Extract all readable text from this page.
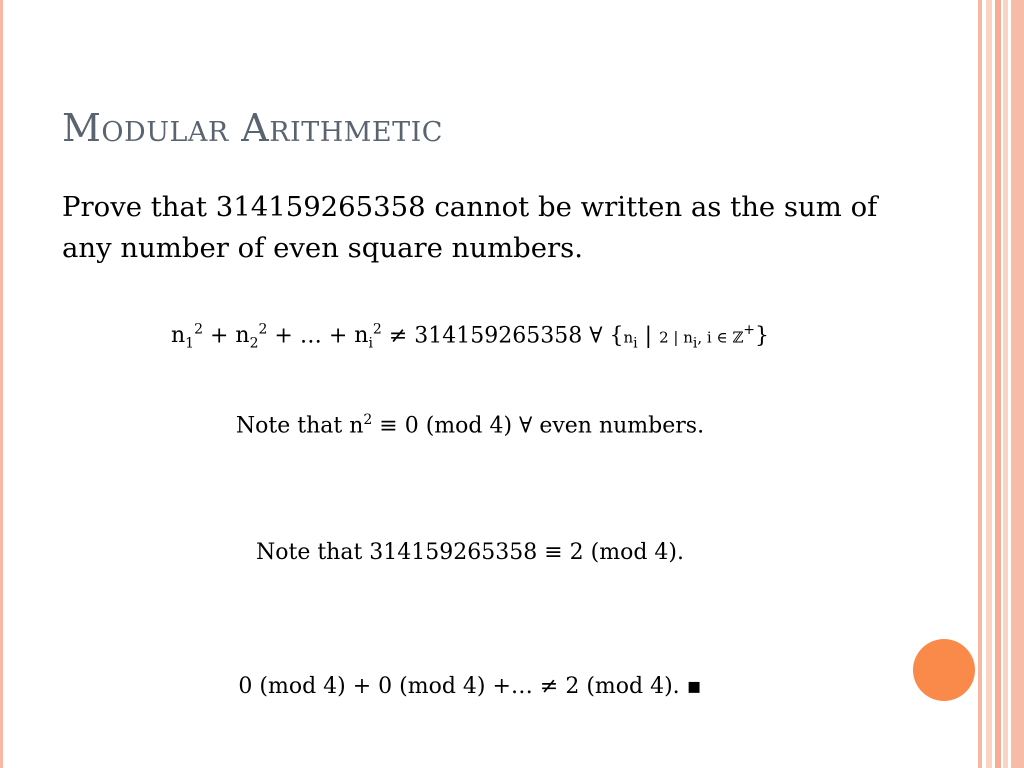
Modular Arithmetic
Prove that 314159265358 cannot be written as the sum of any number of even square numbers.
$n_1^2 + n_2^2$ + … + $n_i^2 \ne 314159265358$ ∀ {$n_i$ | 2 | $n_i$, i ∈ ℤ+}
Note that $n^2 \equiv 0$ (mod 4) ∀ even numbers.
Note that 314159265358 ≡ 2 (mod 4).
0 (mod 4) + 0 (mod 4) +… ≠ 2 (mod 4). ▪
